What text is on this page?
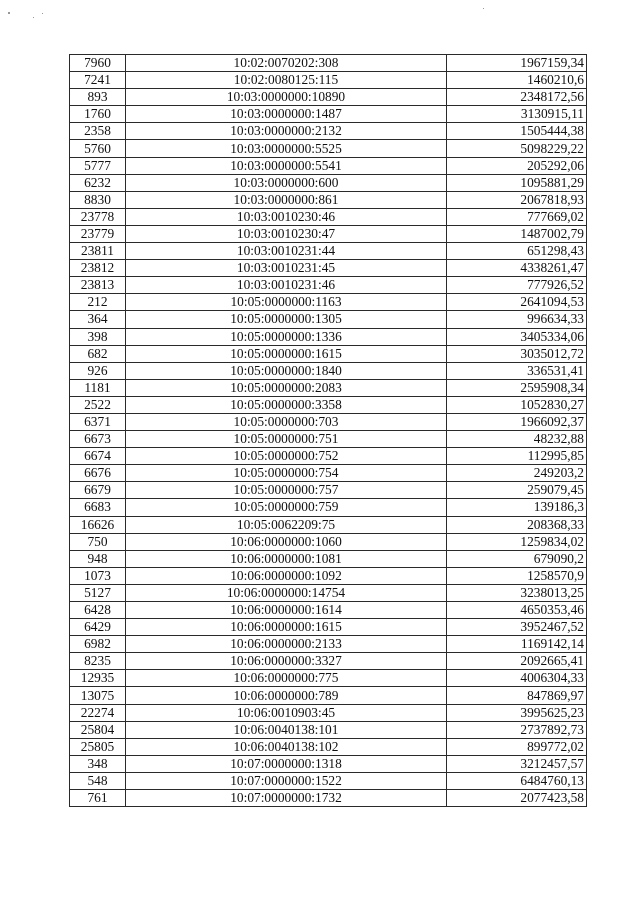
7960	10:02:0070202:308	1967159,34
7241	10:02:0080125:115	1460210,6
893	10:03:0000000:10890	2348172,56
1760	10:03:0000000:1487	3130915,11
2358	10:03:0000000:2132	1505444,38
5760	10:03:0000000:5525	5098229,22
5777	10:03:0000000:5541	205292,06
6232	10:03:0000000:600	1095881,29
8830	10:03:0000000:861	2067818,93
23778	10:03:0010230:46	777669,02
23779	10:03:0010230:47	1487002,79
23811	10:03:0010231:44	651298,43
23812	10:03:0010231:45	4338261,47
23813	10:03:0010231:46	777926,52
212	10:05:0000000:1163	2641094,53
364	10:05:0000000:1305	996634,33
398	10:05:0000000:1336	3405334,06
682	10:05:0000000:1615	3035012,72
926	10:05:0000000:1840	336531,41
1181	10:05:0000000:2083	2595908,34
2522	10:05:0000000:3358	1052830,27
6371	10:05:0000000:703	1966092,37
6673	10:05:0000000:751	48232,88
6674	10:05:0000000:752	112995,85
6676	10:05:0000000:754	249203,2
6679	10:05:0000000:757	259079,45
6683	10:05:0000000:759	139186,3
16626	10:05:0062209:75	208368,33
750	10:06:0000000:1060	1259834,02
948	10:06:0000000:1081	679090,2
1073	10:06:0000000:1092	1258570,9
5127	10:06:0000000:14754	3238013,25
6428	10:06:0000000:1614	4650353,46
6429	10:06:0000000:1615	3952467,52
6982	10:06:0000000:2133	1169142,14
8235	10:06:0000000:3327	2092665,41
12935	10:06:0000000:775	4006304,33
13075	10:06:0000000:789	847869,97
22274	10:06:0010903:45	3995625,23
25804	10:06:0040138:101	2737892,73
25805	10:06:0040138:102	899772,02
348	10:07:0000000:1318	3212457,57
548	10:07:0000000:1522	6484760,13
761	10:07:0000000:1732	2077423,58
